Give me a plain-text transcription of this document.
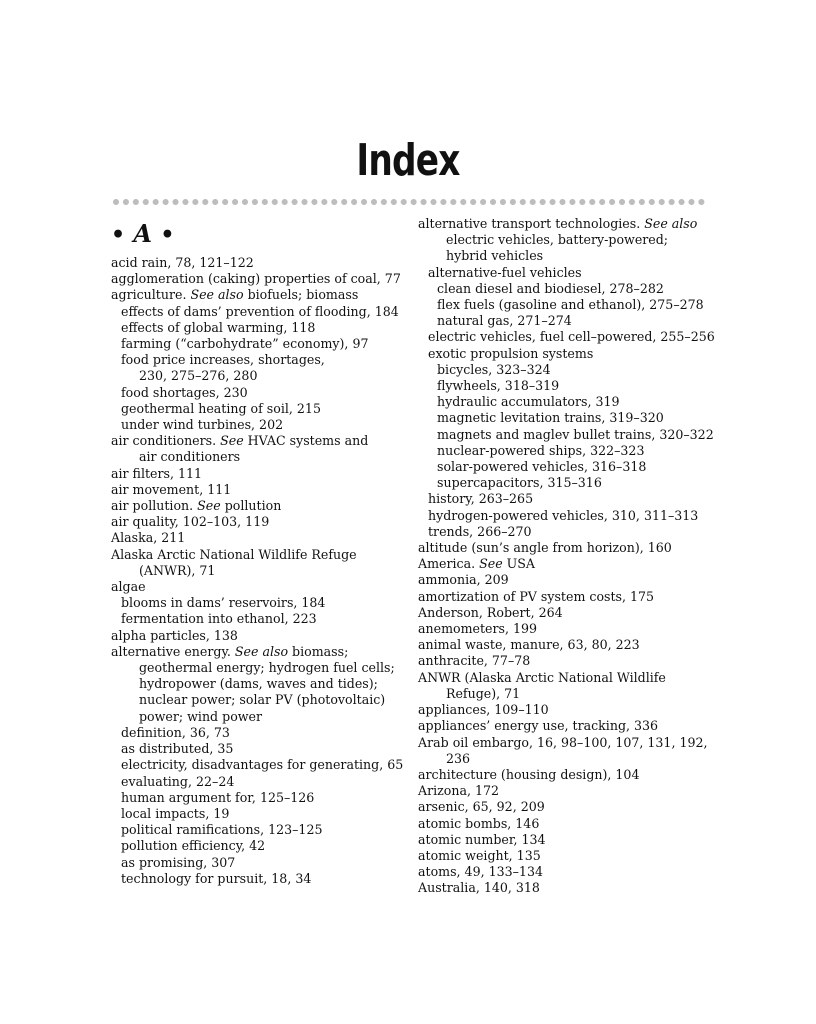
Index
• A •
acid rain, 78, 121–122
agglomeration (caking) properties of coal, 77
agriculture. See also biofuels; biomass
effects of dams’ prevention of flooding, 184
effects of global warming, 118
farming (“carbohydrate” economy), 97
food price increases, shortages,
230, 275–276, 280
food shortages, 230
geothermal heating of soil, 215
under wind turbines, 202
air conditioners. See HVAC systems and
air conditioners
air filters, 111
air movement, 111
air pollution. See pollution
air quality, 102–103, 119
Alaska, 211
Alaska Arctic National Wildlife Refuge
(ANWR), 71
algae
blooms in dams’ reservoirs, 184
fermentation into ethanol, 223
alpha particles, 138
alternative energy. See also biomass;
geothermal energy; hydrogen fuel cells;
hydropower (dams, waves and tides);
nuclear power; solar PV (photovoltaic)
power; wind power
definition, 36, 73
as distributed, 35
electricity, disadvantages for generating, 65
evaluating, 22–24
human argument for, 125–126
local impacts, 19
political ramifications, 123–125
pollution efficiency, 42
as promising, 307
technology for pursuit, 18, 34
alternative transport technologies. See also
electric vehicles, battery-powered;
hybrid vehicles
alternative-fuel vehicles
clean diesel and biodiesel, 278–282
flex fuels (gasoline and ethanol), 275–278
natural gas, 271–274
electric vehicles, fuel cell–powered, 255–256
exotic propulsion systems
bicycles, 323–324
flywheels, 318–319
hydraulic accumulators, 319
magnetic levitation trains, 319–320
magnets and maglev bullet trains, 320–322
nuclear-powered ships, 322–323
solar-powered vehicles, 316–318
supercapacitors, 315–316
history, 263–265
hydrogen-powered vehicles, 310, 311–313
trends, 266–270
altitude (sun’s angle from horizon), 160
America. See USA
ammonia, 209
amortization of PV system costs, 175
Anderson, Robert, 264
anemometers, 199
animal waste, manure, 63, 80, 223
anthracite, 77–78
ANWR (Alaska Arctic National Wildlife
Refuge), 71
appliances, 109–110
appliances’ energy use, tracking, 336
Arab oil embargo, 16, 98–100, 107, 131, 192,
236
architecture (housing design), 104
Arizona, 172
arsenic, 65, 92, 209
atomic bombs, 146
atomic number, 134
atomic weight, 135
atoms, 49, 133–134
Australia, 140, 318
